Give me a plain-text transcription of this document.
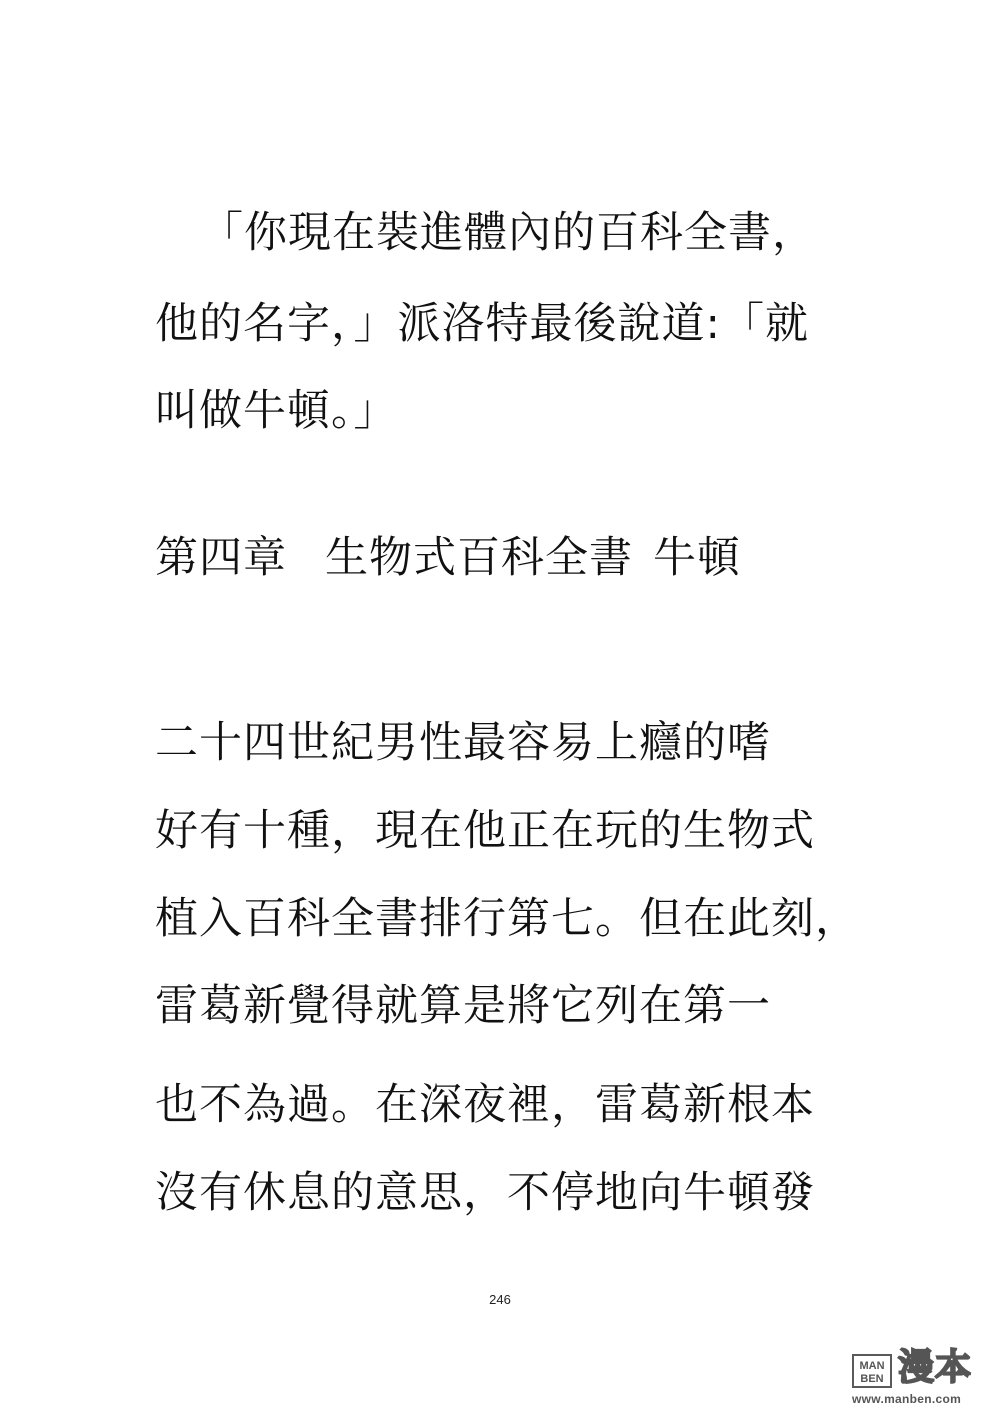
「你現在裝進體內的百科全書，

他的名字，」派洛特最後說道:「就

叫做牛頓。」

第四章 生物式百科全書 牛頓

二十四世紀男性最容易上癮的嗜

好有十種，現在他正在玩的生物式

植入百科全書排行第七。但在此刻，

雷葛新覺得就算是將它列在第一

也不為過。在深夜裡，雷葛新根本

沒有休息的意思，不停地向牛頓發

246
MAN
BEN 漫本
www.manben.com
